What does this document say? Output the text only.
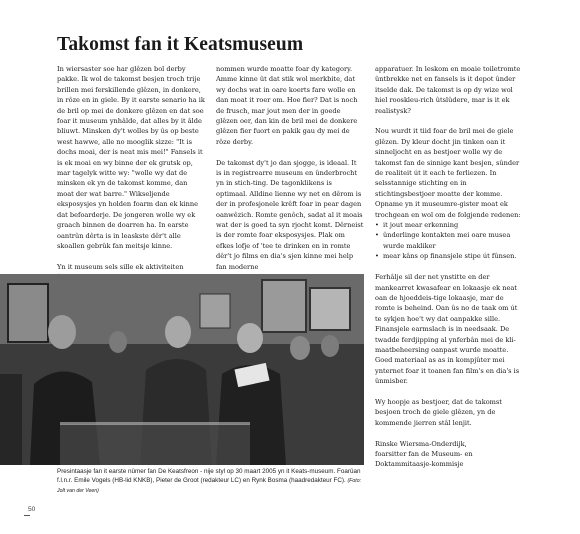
Takomst fan it Keatsmuseum

In wiersaster soe har glêzen bol derby pakke. Ik wol de takomst besjen troch trije brillen mei ferskillende glêzen, in donkere, in rôze en in giele. By it earste senario ha ik de bril op mei de donkere glêzen en dat soe foar it museum ynhâlde, dat alles by it âlde bliuwt. Minsken dy't wolles by ûs op beste west hawwe, alle no mooglik sizze: "It is dochs moai, der is neat mis mei!" Fansels it is ek moai en wy binne der ek grutsk op, mar tagelyk witte wy: "wolle wy dat de minsken ek yn de takomst komme, dan moat der wat barre." Wikseljende eksposysjes yn holden foarm dan ek kinne dat befoarderje. De jongeren wolle wy ek graach binnen de doarren ha. In earste oantrûn dêrta is in leaskste dêr't alle skoallen gebrûk fan meitsje kinne.

Yn it museum sels sille ek aktiviteiten

nommen wurde moatte foar dy kategory. Amme kinne ût dat stik wol merkbite, dat wy dochs wat in oare koerts fare wolle en dan moat it roer om. Hoe fier? Dat is noch de frusch, mar jout men der in goede glêzen oer, dan kin de bril mei de donkere glêzen fier fuort en pakik gau dy mei de rôze derby.

De takomst dy't jo dan sjogge, is ideaal. It is in registrearre museum en ûnderbrocht yn in stich-ting. De tagonklikens is optimaal. Alldine lienne wy net en dêrom is der in profesjonele krêft foar in pear dagen oanwêzich. Romte genôch, sadat al it moais wat der is goed ta syn rjocht komt. Dêrneist is der romte foar eksposysjes. Plak om efkes lofje of 'tee te drinken en in romte dêr't jo films en dia's sjen kinne mei help fan moderne

apparatuer. In leskom en moaie toiletromte ûntbrekke net en fansels is it depot ûnder itselde dak. De takomst is op dy wize wol hiel rooskleu-rich ûtslûdere, mar is it ek realistysk?

Nou wurdt it tiid foar de bril mei de giele glêzen. Dy kleur docht jin tinken oan it sinneljocht en as bestjoer wolle wy de takomst fan de sinnige kant besjen, sûnder de realiteit út it each te ferliezen. In selsstannige stichting en in stichtingsbestjoer moatte der komme. Opname yn it museumre-gister moat ek trochgean en wol om de folgjende redenen:

• it jout mear erkenning
• ûnderlinge kontakten mei oare musea wurde makliker
• mear kâns op finansjele stipe út fûnsen.

Ferhâlje sil der net ynstitte en der mankearret kwasafear en lokaasje ek neat oan de hjoeddeis-tige lokaasje, mar de romte is beheind. Oan ûs no de taak om út te sykjen hoe't wy dat oanpakke sille. Finansjele earmslach is in needsaak. De twadde ferdjipping al ynferbân mei de kli-maatbeheersing oanpast wurde moatte. Goed materiaal as as in kompjûter mei ynternet foar it toanen fan film's en dia's is ûnmisber.

Wy hoopje as bestjoer, dat de takomst besjoen troch de giele glêzen, yn de kommende jierren stâl lenjit.

Rinske Wiersma-Onderdijk,

foarsitter fan de Museum- en Doktammitaasje-kommisje

Presintaasje fan it earste nûmer fan De Keatsfreon - nije styl op 30 maart 2005 yn it Keats-museum. Foarûan f.l.n.r. Emile Vogels (HB-lid KNKB), Pieter de Groot (redakteur LC) en Rynk Bosma (haadredakteur FC). (Foto: Jolt van der Veen)
50
